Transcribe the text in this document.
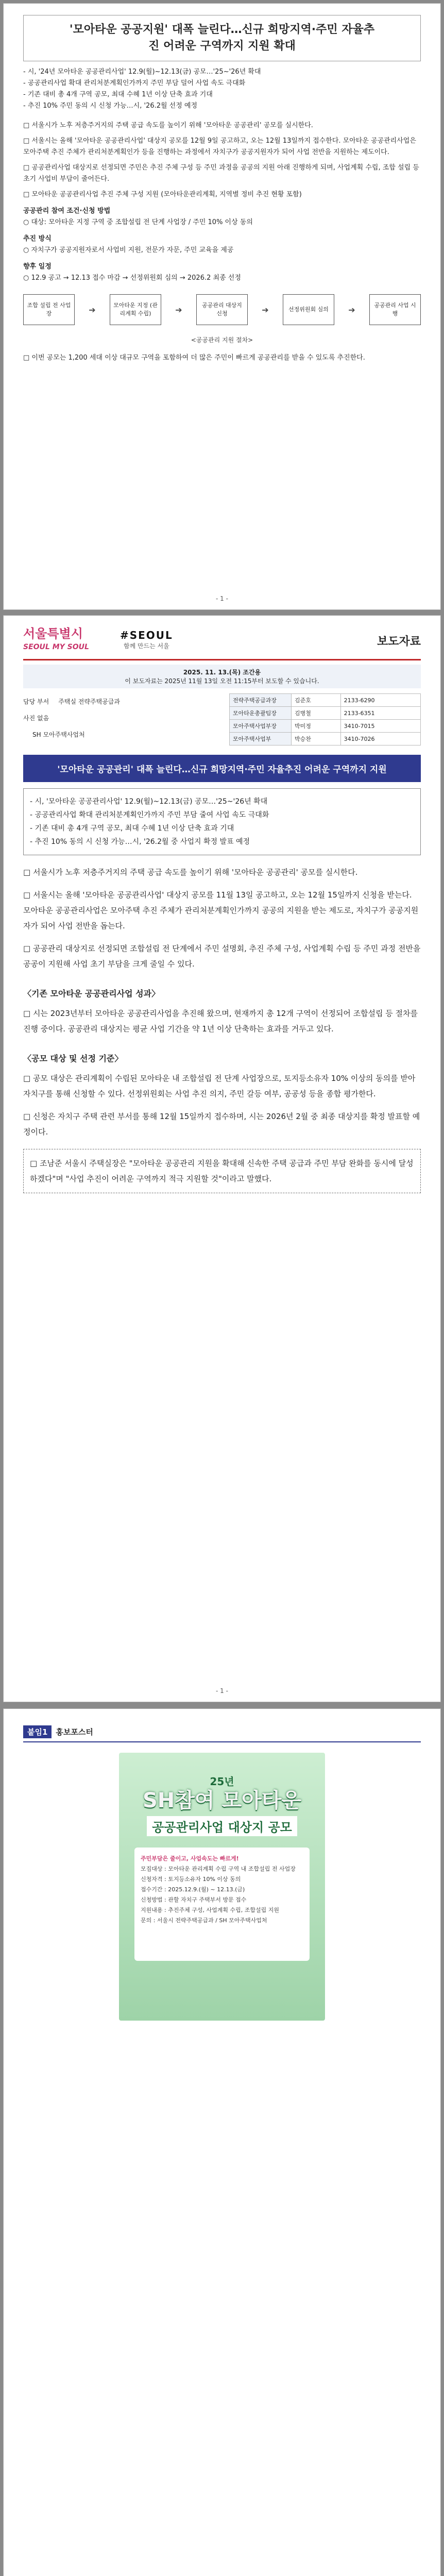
'모아타운 공공지원' 대폭 늘린다…신규 희망지역·주민 자율추
진 어려운 구역까지 지원 확대
- 시, '24년 모아타운 공공관리사업' 12.9(월)~12.13(금) 공모…'25~'26년 확대
- 공공관리사업 확대 관리처분계획인가까지 주민 부담 덜어 사업 속도 극대화
- 기존 대비 총 4개 구역 공모, 최대 수혜 1년 이상 단축 효과 기대
- 추진 10% 주민 동의 시 신청 가능…시, '26.2월 선정 예정

□ 서울시가 노후 저층주거지의 주택 공급 속도를 높이기 위해 '모아타운 공공관리' 공모를 실시한다.

□ 서울시는 올해 '모아타운 공공관리사업' 대상지 공모를 12월 9일 공고하고, 오는 12월 13일까지 접수한다. 모아타운 공공관리사업은 모아주택 추진 주체가 관리처분계획인가 등을 진행하는 과정에서 자치구가 공공지원자가 되어 사업 전반을 지원하는 제도이다.

□ 공공관리사업 대상지로 선정되면 주민은 추진 주체 구성 등 주민 과정을 공공의 지원 아래 진행하게 되며, 사업계획 수립, 조합 설립 등 초기 사업비 부담이 줄어든다.

□ 모아타운 공공관리사업 추진 주체 구성 지원 (모아타운관리계획, 지역별 정비 추진 현황 포함)

공공관리 참여 조건·신청 방법

○ 대상: 모아타운 지정 구역 중 조합설립 전 단계 사업장 / 주민 10% 이상 동의

추진 방식

○ 자치구가 공공지원자로서 사업비 지원, 전문가 자문, 주민 교육을 제공

향후 일정

○ 12.9 공고 → 12.13 접수 마감 → 선정위원회 심의 → 2026.2 최종 선정

조합 설립 전 사업장	➔	모아타운 지정 (관리계획 수립)	➔	공공관리 대상지 신청	➔	선정위원회 심의	➔	공공관리 사업 시행
<공공관리 지원 절차>

□ 이번 공모는 1,200 세대 이상 대규모 구역을 포함하여 더 많은 주민이 빠르게 공공관리를 받을 수 있도록 추진한다.

- 1 -
서울특별시
SEOUL MY SOUL
#SEOUL
함께 만드는 서울	보도자료
2025. 11. 13.(목) 조간용
이 보도자료는 2025년 11월 13일 오전 11:15부터 보도할 수 있습니다.
담당 부서 주택실 전략주택공급과
사진 없음
SH 모아주택사업처
전략주택공급과장	김준호	2133-6290
모아타운총괄팀장	김병철	2133-6351
모아주택사업부장	박미정	3410-7015
모아주택사업부	박승찬	3410-7026
'모아타운 공공관리' 대폭 늘린다…신규 희망지역·주민 자율추진 어려운 구역까지 지원
- 시, '모아타운 공공관리사업' 12.9(월)~12.13(금) 공모…'25~'26년 확대
- 공공관리사업 확대 관리처분계획인가까지 주민 부담 줄여 사업 속도 극대화
- 기존 대비 총 4개 구역 공모, 최대 수혜 1년 이상 단축 효과 기대
- 추진 10% 동의 시 신청 가능…시, '26.2월 중 사업지 확정 발표 예정

□ 서울시가 노후 저층주거지의 주택 공급 속도를 높이기 위해 '모아타운 공공관리' 공모를 실시한다.

□ 서울시는 올해 '모아타운 공공관리사업' 대상지 공모를 11월 13일 공고하고, 오는 12월 15일까지 신청을 받는다. 모아타운 공공관리사업은 모아주택 추진 주체가 관리처분계획인가까지 공공의 지원을 받는 제도로, 자치구가 공공지원자가 되어 사업 전반을 돕는다.

□ 공공관리 대상지로 선정되면 조합설립 전 단계에서 주민 설명회, 추진 주체 구성, 사업계획 수립 등 주민 과정 전반을 공공이 지원해 사업 초기 부담을 크게 줄일 수 있다.

〈기존 모아타운 공공관리사업 성과〉

□ 시는 2023년부터 모아타운 공공관리사업을 추진해 왔으며, 현재까지 총 12개 구역이 선정되어 조합설립 등 절차를 진행 중이다. 공공관리 대상지는 평균 사업 기간을 약 1년 이상 단축하는 효과를 거두고 있다.

〈공모 대상 및 선정 기준〉

□ 공모 대상은 관리계획이 수립된 모아타운 내 조합설립 전 단계 사업장으로, 토지등소유자 10% 이상의 동의를 받아 자치구를 통해 신청할 수 있다. 선정위원회는 사업 추진 의지, 주민 갈등 여부, 공공성 등을 종합 평가한다.

□ 신청은 자치구 주택 관련 부서를 통해 12월 15일까지 접수하며, 시는 2026년 2월 중 최종 대상지를 확정 발표할 예정이다.

□ 조남준 서울시 주택실장은 "모아타운 공공관리 지원을 확대해 신속한 주택 공급과 주민 부담 완화를 동시에 달성하겠다"며 "사업 추진이 어려운 구역까지 적극 지원할 것"이라고 말했다.
- 1 -
붙임1	홍보포스터
25년
SH참여 모아타운
공공관리사업 대상지 공모
주민부담은 줄이고, 사업속도는 빠르게!
모집대상 : 모아타운 관리계획 수립 구역 내 조합설립 전 사업장
신청자격 : 토지등소유자 10% 이상 동의
접수기간 : 2025.12.9.(월) ~ 12.13.(금)
신청방법 : 관할 자치구 주택부서 방문 접수
지원내용 : 추진주체 구성, 사업계획 수립, 조합설립 지원
문의 : 서울시 전략주택공급과 / SH 모아주택사업처
